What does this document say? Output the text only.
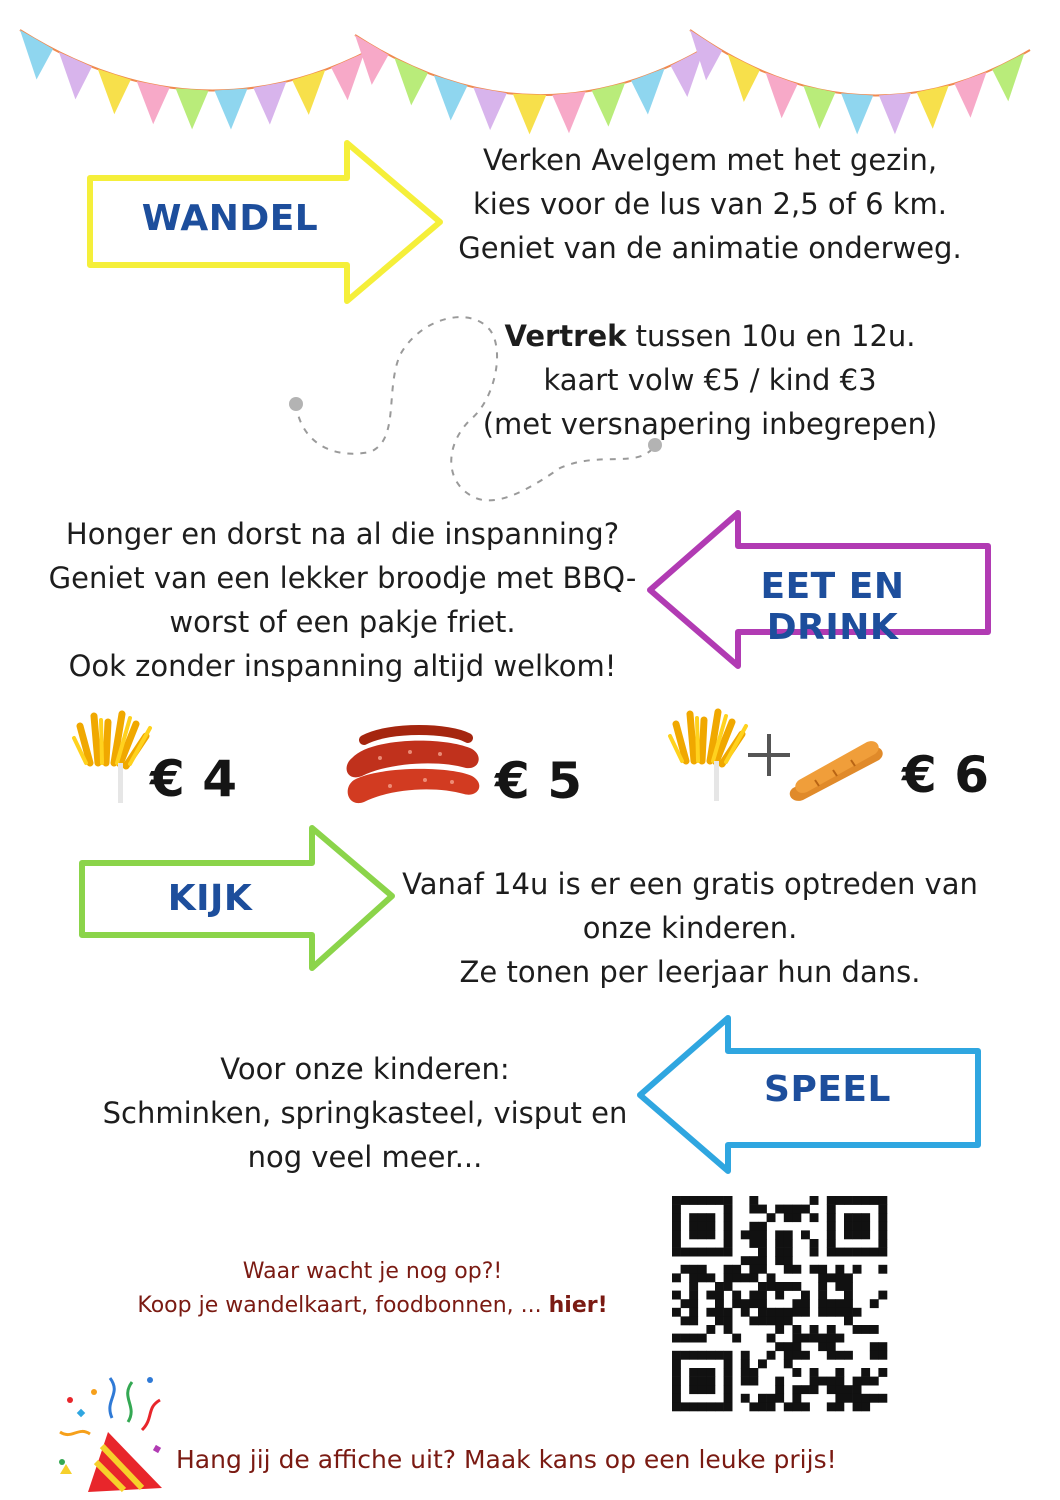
WANDEL
Verken Avelgem met het gezin,
kies voor de lus van 2,5 of 6 km.
Geniet van de animatie onderweg.
Vertrek tussen 10u en 12u.
kaart volw €5 / kind €3
(met versnapering inbegrepen)
Honger en dorst na al die inspanning?
Geniet van een lekker broodje met BBQ-
worst of een pakje friet.
Ook zonder inspanning altijd welkom!
EET EN DRINK
€ 4	€ 5	€ 6
KIJK	Vanaf 14u is er een gratis optreden van
onze kinderen.
Ze tonen per leerjaar hun dans.
Voor onze kinderen:
Schminken, springkasteel, visput en
nog veel meer...
SPEEL
Waar wacht je nog op?!
Koop je wandelkaart, foodbonnen, ... hier!
Hang jij de affiche uit? Maak kans op een leuke prijs!
